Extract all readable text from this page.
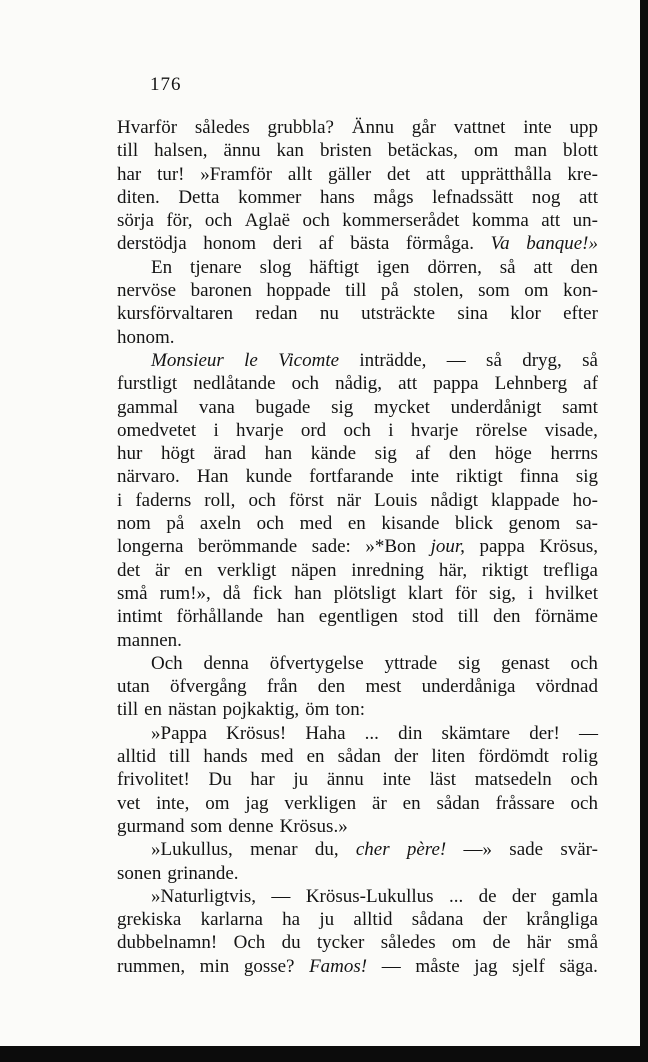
176
Hvarför således grubbla? Ännu går vattnet inte upp
till halsen, ännu kan bristen betäckas, om man blott
har tur! »Framför allt gäller det att upprätthålla kre-
diten. Detta kommer hans mågs lefnadssätt nog att
sörja för, och Aglaë och kommerserådet komma att un-
derstödja honom deri af bästa förmåga. Va banque!»
En tjenare slog häftigt igen dörren, så att den
nervöse baronen hoppade till på stolen, som om kon-
kursförvaltaren redan nu utsträckte sina klor efter
honom.
Monsieur le Vicomte inträdde, — så dryg, så
furstligt nedlåtande och nådig, att pappa Lehnberg af
gammal vana bugade sig mycket underdånigt samt
omedvetet i hvarje ord och i hvarje rörelse visade,
hur högt ärad han kände sig af den höge herrns
närvaro. Han kunde fortfarande inte riktigt finna sig
i faderns roll, och först när Louis nådigt klappade ho-
nom på axeln och med en kisande blick genom sa-
longerna berömmande sade: »*Bon jour, pappa Krösus,
det är en verkligt näpen inredning här, riktigt trefliga
små rum!», då fick han plötsligt klart för sig, i hvilket
intimt förhållande han egentligen stod till den förnäme
mannen.
Och denna öfvertygelse yttrade sig genast och
utan öfvergång från den mest underdåniga vördnad
till en nästan pojkaktig, öm ton:
»Pappa Krösus! Haha ... din skämtare der! —
alltid till hands med en sådan der liten fördömdt rolig
frivolitet! Du har ju ännu inte läst matsedeln och
vet inte, om jag verkligen är en sådan fråssare och
gurmand som denne Krösus.»
»Lukullus, menar du, cher père! —» sade svär-
sonen grinande.
»Naturligtvis, — Krösus-Lukullus ... de der gamla
grekiska karlarna ha ju alltid sådana der krångliga
dubbelnamn! Och du tycker således om de här små
rummen, min gosse? Famos! — måste jag sjelf säga.
